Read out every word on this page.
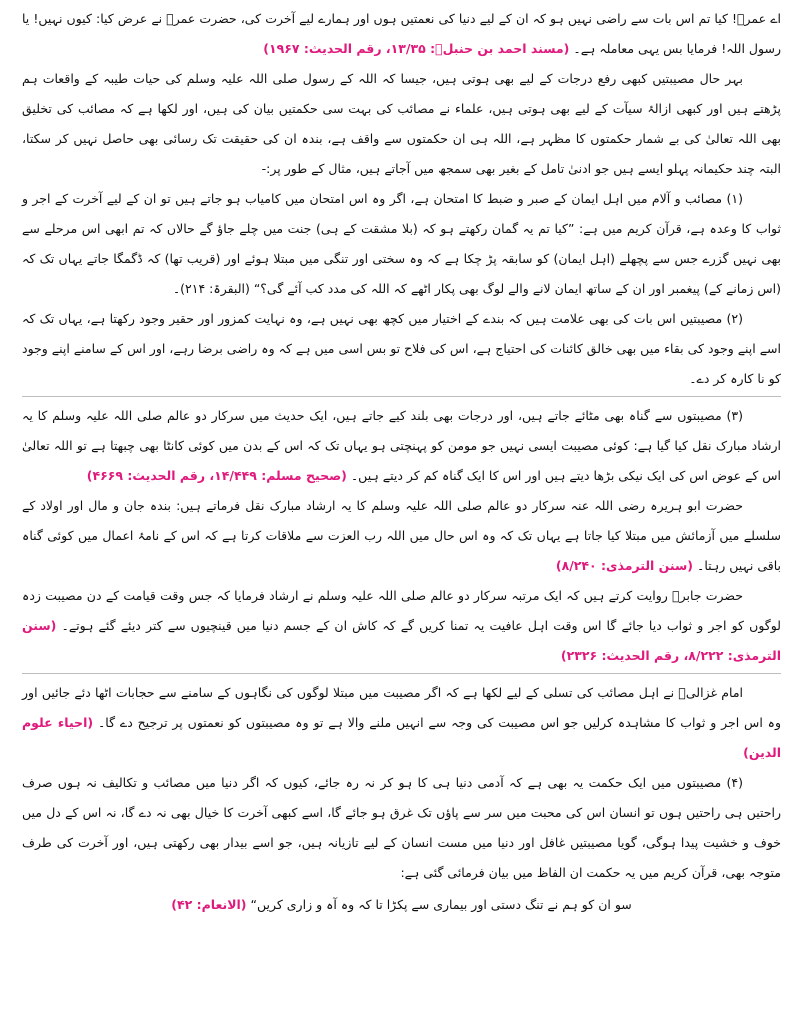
اے عمرؓ! کیا تم اس بات سے راضی نہیں ہو کہ ان کے لیے دنیا کی نعمتیں ہوں اور ہمارے لیے آخرت کی، حضرت عمرؓ نے عرض کیا: کیوں نہیں! یا رسول اللہ! فرمایا بس یہی معاملہ ہے۔ (مسند احمد بن حنبلؒ: ۱۳/۳۵، رقم الحدیث: ۱۹۶۷)

بہر حال مصیبتیں کبھی رفع درجات کے لیے بھی ہوتی ہیں، جیسا کہ اللہ کے رسول صلی اللہ علیہ وسلم کی حیات طیبہ کے واقعات ہم پڑھتے ہیں اور کبھی ازالۂ سیآت کے لیے بھی ہوتی ہیں، علماء نے مصائب کی بہت سی حکمتیں بیان کی ہیں، اور لکھا ہے کہ مصائب کی تخلیق بھی اللہ تعالیٰ کی بے شمار حکمتوں کا مظہر ہے، اللہ ہی ان حکمتوں سے واقف ہے، بندہ ان کی حقیقت تک رسائی بھی حاصل نہیں کر سکتا، البتہ چند حکیمانہ پہلو ایسے ہیں جو ادنیٰ تامل کے بغیر بھی سمجھ میں آجاتے ہیں، مثال کے طور پر:-

(۱) مصائب و آلام میں اہل ایمان کے صبر و ضبط کا امتحان ہے، اگر وہ اس امتحان میں کامیاب ہو جاتے ہیں تو ان کے لیے آخرت کے اجر و ثواب کا وعدہ ہے، قرآن کریم میں ہے: ”کیا تم یہ گمان رکھتے ہو کہ (بلا مشقت کے ہی) جنت میں چلے جاؤ گے حالاں کہ تم ابھی اس مرحلے سے بھی نہیں گزرے جس سے پچھلے (اہل ایمان) کو سابقہ پڑ چکا ہے کہ وہ سختی اور تنگی میں مبتلا ہوئے اور (قریب تھا) کہ ڈگمگا جاتے یہاں تک کہ (اس زمانے کے) پیغمبر اور ان کے ساتھ ایمان لانے والے لوگ بھی پکار اٹھے کہ اللہ کی مدد کب آئے گی؟“ (البقرۃ: ۲۱۴)۔

(۲) مصیبتیں اس بات کی بھی علامت ہیں کہ بندے کے اختیار میں کچھ بھی نہیں ہے، وہ نہایت کمزور اور حقیر وجود رکھتا ہے، یہاں تک کہ اسے اپنے وجود کی بقاء میں بھی خالق کائنات کی احتیاج ہے، اس کی فلاح تو بس اسی میں ہے کہ وہ راضی برضا رہے، اور اس کے سامنے اپنے وجود کو نا کارہ کر دے۔

(۳) مصیبتوں سے گناہ بھی مٹائے جاتے ہیں، اور درجات بھی بلند کیے جاتے ہیں، ایک حدیث میں سرکار دو عالم صلی اللہ علیہ وسلم کا یہ ارشاد مبارک نقل کیا گیا ہے: کوئی مصیبت ایسی نہیں جو مومن کو پہنچتی ہو یہاں تک کہ اس کے بدن میں کوئی کانٹا بھی چبھتا ہے تو اللہ تعالیٰ اس کے عوض اس کی ایک نیکی بڑھا دیتے ہیں اور اس کا ایک گناہ کم کر دیتے ہیں۔ (صحیح مسلم: ۱۴/۴۴۹، رقم الحدیث: ۴۶۶۹)

حضرت ابو ہریرہ رضی اللہ عنہ سرکار دو عالم صلی اللہ علیہ وسلم کا یہ ارشاد مبارک نقل فرماتے ہیں: بندہ جان و مال اور اولاد کے سلسلے میں آزمائش میں مبتلا کیا جاتا ہے یہاں تک کہ وہ اس حال میں اللہ رب العزت سے ملاقات کرتا ہے کہ اس کے نامۂ اعمال میں کوئی گناہ باقی نہیں رہتا۔ (سنن الترمذی: ۸/۲۴۰)

حضرت جابرؓ روایت کرتے ہیں کہ ایک مرتبہ سرکار دو عالم صلی اللہ علیہ وسلم نے ارشاد فرمایا کہ جس وقت قیامت کے دن مصیبت زدہ لوگوں کو اجر و ثواب دیا جائے گا اس وقت اہل عافیت یہ تمنا کریں گے کہ کاش ان کے جسم دنیا میں قینچیوں سے کتر دیئے گئے ہوتے۔ (سنن الترمذی: ۸/۲۲۲، رقم الحدیث: ۲۳۲۶)

امام غزالیؒ نے اہل مصائب کی تسلی کے لیے لکھا ہے کہ اگر مصیبت میں مبتلا لوگوں کی نگاہوں کے سامنے سے حجابات اٹھا دئے جائیں اور وہ اس اجر و ثواب کا مشاہدہ کرلیں جو اس مصیبت کی وجہ سے انہیں ملنے والا ہے تو وہ مصیبتوں کو نعمتوں پر ترجیح دے گا۔ (احیاء علوم الدین)

(۴) مصیبتوں میں ایک حکمت یہ بھی ہے کہ آدمی دنیا ہی کا ہو کر نہ رہ جائے، کیوں کہ اگر دنیا میں مصائب و تکالیف نہ ہوں صرف راحتیں ہی راحتیں ہوں تو انسان اس کی محبت میں سر سے پاؤں تک غرق ہو جائے گا، اسے کبھی آخرت کا خیال بھی نہ دے گا، نہ اس کے دل میں خوف و خشیت پیدا ہوگی، گویا مصیبتیں غافل اور دنیا میں مست انسان کے لیے تازیانہ ہیں، جو اسے بیدار بھی رکھتی ہیں، اور آخرت کی طرف متوجہ بھی، قرآن کریم میں یہ حکمت ان الفاظ میں بیان فرمائی گئی ہے:

سو ان کو ہم نے تنگ دستی اور بیماری سے پکڑا تا کہ وہ آہ و زاری کریں“ (الانعام: ۴۲)
